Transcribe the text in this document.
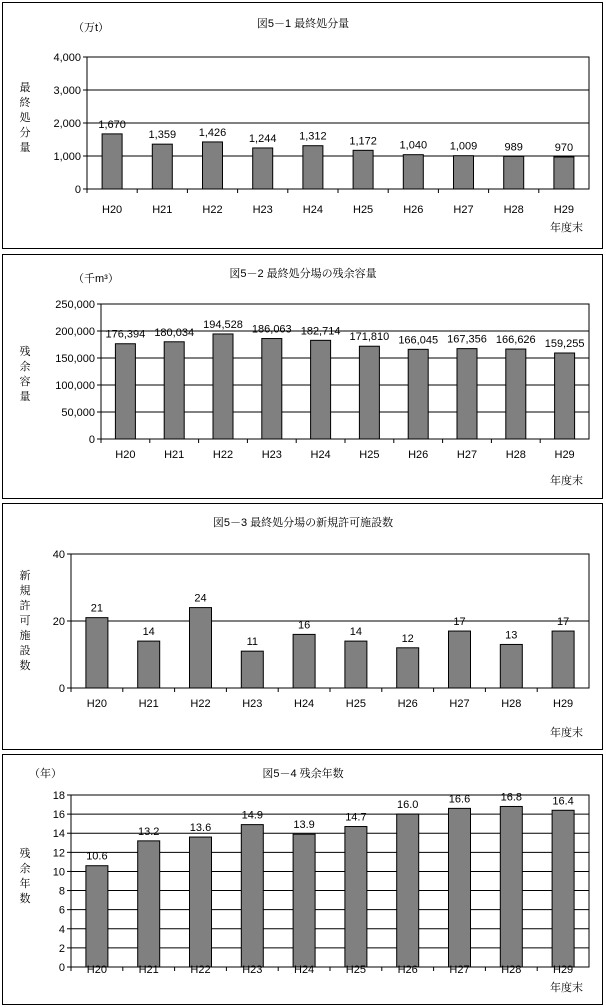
図5－1 最終処分量
（万t）
最終処分量
0
1,000
2,000
3,000
4,000
1,670
H20
1,359
H21
1,426
H22
1,244
H23
1,312
H24
1,172
H25
1,040
H26
1,009
H27
989
H28
970
H29
年度末
図5－2 最終処分場の残余容量
（千m³）
残余容量
0
50,000
100,000
150,000
200,000
250,000
176,394
H20
180,034
H21
194,528
H22
186,063
H23
182,714
H24
171,810
H25
166,045
H26
167,356
H27
166,626
H28
159,255
H29
年度末
図5－3 最終処分場の新規許可施設数
新規許可施設数
0
20
40
21
H20
14
H21
24
H22
11
H23
16
H24
14
H25
12
H26
17
H27
13
H28
17
H29
年度末
図5－4 残余年数
（年）
残余年数
0
2
4
6
8
10
12
14
16
18
10.6
H20
13.2
H21
13.6
H22
14.9
H23
13.9
H24
14.7
H25
16.0
H26
16.6
H27
16.8
H28
16.4
H29
年度末
